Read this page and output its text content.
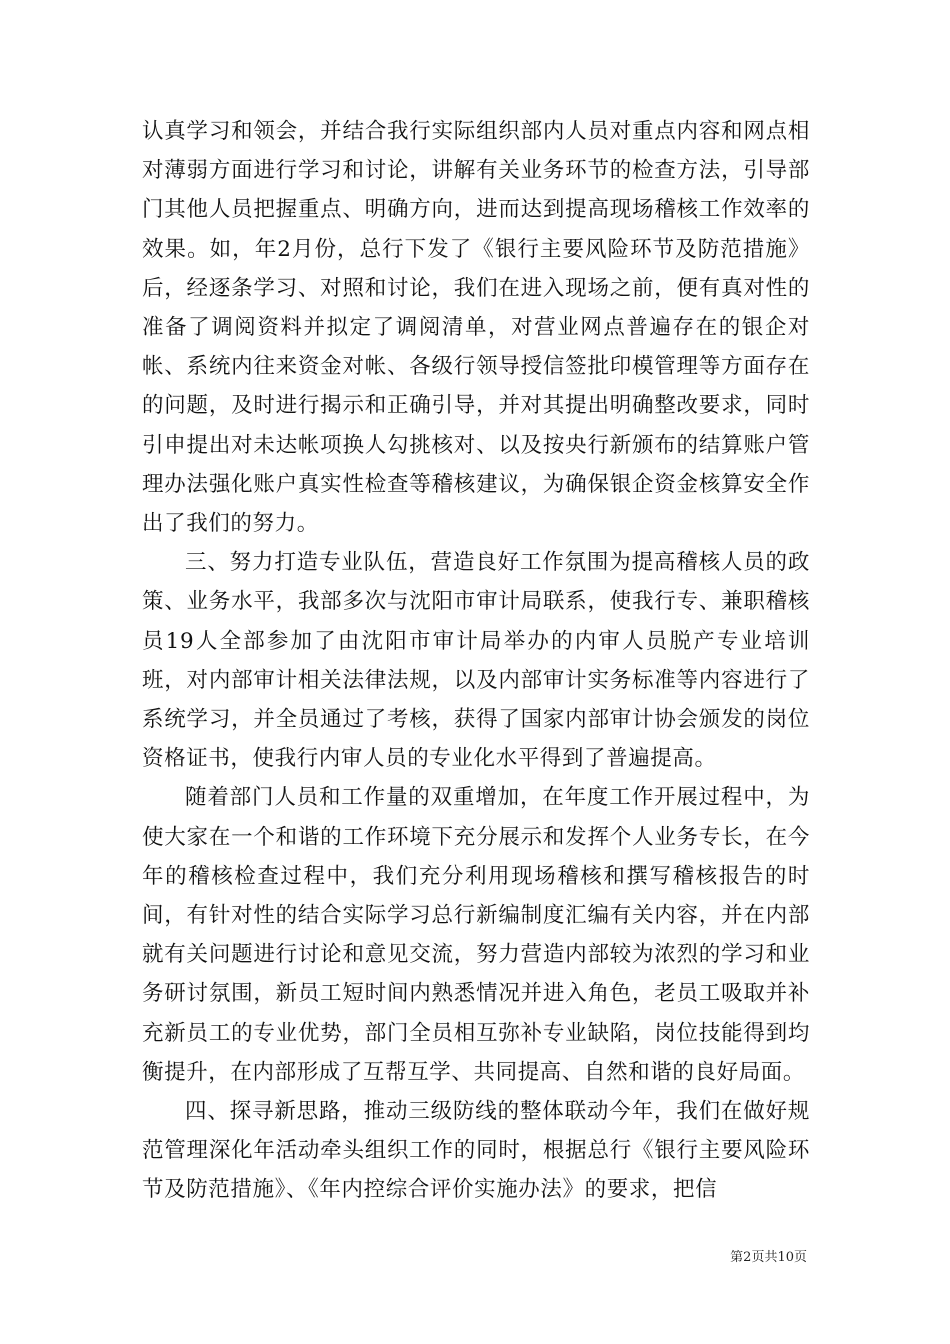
认真学习和领会，并结合我行实际组织部内人员对重点内容和网点相对薄弱方面进行学习和讨论，讲解有关业务环节的检查方法，引导部门其他人员把握重点、明确方向，进而达到提高现场稽核工作效率的效果。如，年2月份，总行下发了《银行主要风险环节及防范措施》后，经逐条学习、对照和讨论，我们在进入现场之前，便有真对性的准备了调阅资料并拟定了调阅清单，对营业网点普遍存在的银企对帐、系统内往来资金对帐、各级行领导授信签批印模管理等方面存在的问题，及时进行揭示和正确引导，并对其提出明确整改要求，同时引申提出对未达帐项换人勾挑核对、以及按央行新颁布的结算账户管理办法强化账户真实性检查等稽核建议，为确保银企资金核算安全作出了我们的努力。

三、努力打造专业队伍，营造良好工作氛围为提高稽核人员的政策、业务水平，我部多次与沈阳市审计局联系，使我行专、兼职稽核员19人全部参加了由沈阳市审计局举办的内审人员脱产专业培训班，对内部审计相关法律法规，以及内部审计实务标准等内容进行了系统学习，并全员通过了考核，获得了国家内部审计协会颁发的岗位资格证书，使我行内审人员的专业化水平得到了普遍提高。

随着部门人员和工作量的双重增加，在年度工作开展过程中，为使大家在一个和谐的工作环境下充分展示和发挥个人业务专长，在今年的稽核检查过程中，我们充分利用现场稽核和撰写稽核报告的时间，有针对性的结合实际学习总行新编制度汇编有关内容，并在内部就有关问题进行讨论和意见交流，努力营造内部较为浓烈的学习和业务研讨氛围，新员工短时间内熟悉情况并进入角色，老员工吸取并补充新员工的专业优势，部门全员相互弥补专业缺陷，岗位技能得到均衡提升，在内部形成了互帮互学、共同提高、自然和谐的良好局面。

四、探寻新思路，推动三级防线的整体联动今年，我们在做好规范管理深化年活动牵头组织工作的同时，根据总行《银行主要风险环节及防范措施》、《年内控综合评价实施办法》的要求，把信

第2页共10页
